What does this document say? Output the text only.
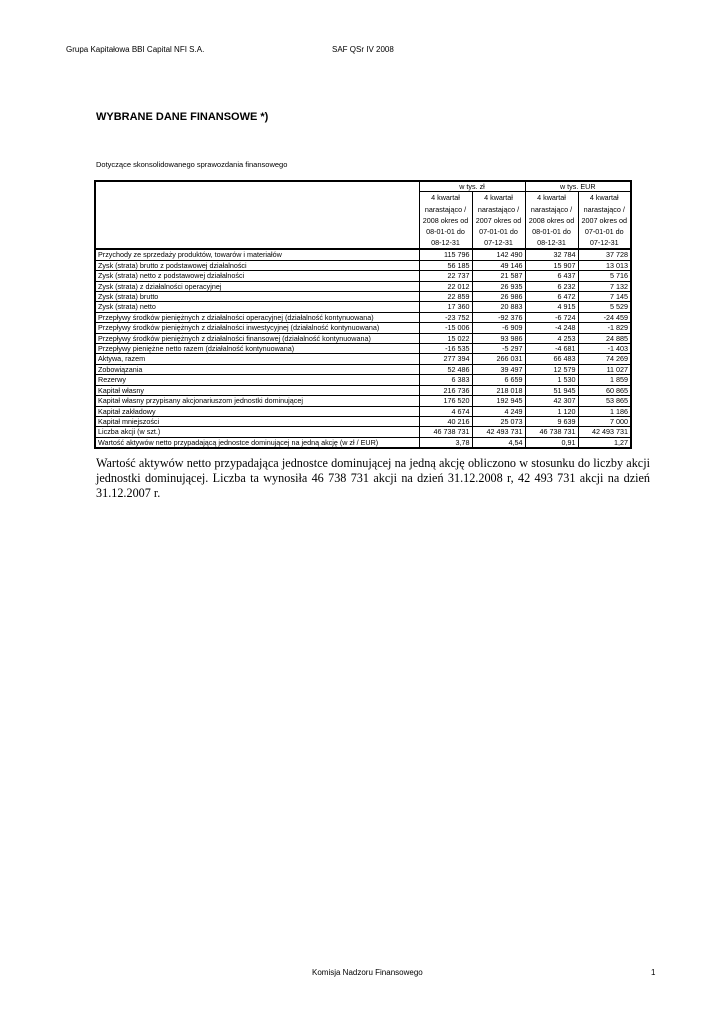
Grupa Kapitałowa BBI Capital NFI S.A.	SAF QSr IV 2008
WYBRANE DANE FINANSOWE *)
Dotyczące skonsolidowanego sprawozdania finansowego
	w tys. zł		w tys. EUR	
	4 kwartał narastająco / 2008 okres od 08-01-01 do 08-12-31	4 kwartał narastająco / 2007 okres od 07-01-01 do 07-12-31	4 kwartał narastająco / 2008 okres od 08-01-01 do 08-12-31	4 kwartał narastająco / 2007 okres od 07-01-01 do 07-12-31
Przychody ze sprzedaży produktów, towarów i materiałów	115 796	142 490	32 784	37 728
Zysk (strata) brutto z podstawowej działalności	56 185	49 146	15 907	13 013
Zysk (strata) netto z podstawowej działalności	22 737	21 587	6 437	5 716
Zysk (strata) z działalności operacyjnej	22 012	26 935	6 232	7 132
Zysk (strata) brutto	22 859	26 986	6 472	7 145
Zysk (strata) netto	17 360	20 883	4 915	5 529
Przepływy środków pieniężnych z działalności operacyjnej (działalność kontynuowana)	-23 752	-92 376	-6 724	-24 459
Przepływy środków pieniężnych z działalności inwestycyjnej (działalność kontynuowana)	-15 006	-6 909	-4 248	-1 829
Przepływy środków pieniężnych z działalności finansowej (działalność kontynuowana)	15 022	93 986	4 253	24 885
Przepływy pieniężne netto razem (działalność kontynuowana)	-16 535	-5 297	-4 681	-1 403
Aktywa, razem	277 394	266 031	66 483	74 269
Zobowiązania	52 486	39 497	12 579	11 027
Rezerwy	6 383	6 659	1 530	1 859
Kapitał własny	216 736	218 018	51 945	60 865
Kapitał własny przypisany akcjonariuszom jednostki dominującej	176 520	192 945	42 307	53 865
Kapitał zakładowy	4 674	4 249	1 120	1 186
Kapitał mniejszości	40 216	25 073	9 639	7 000
Liczba akcji (w szt.)	46 738 731	42 493 731	46 738 731	42 493 731
Wartość aktywów netto przypadającą jednostce dominującej na jedną akcję (w zł / EUR)	3,78	4,54	0,91	1,27
Wartość aktywów netto przypadająca jednostce dominującej na jedną akcję obliczono w stosunku do liczby akcji jednostki dominującej. Liczba ta wynosiła 46 738 731 akcji na dzień 31.12.2008 r, 42 493 731 akcji na dzień 31.12.2007 r.
Komisja Nadzoru Finansowego	1
